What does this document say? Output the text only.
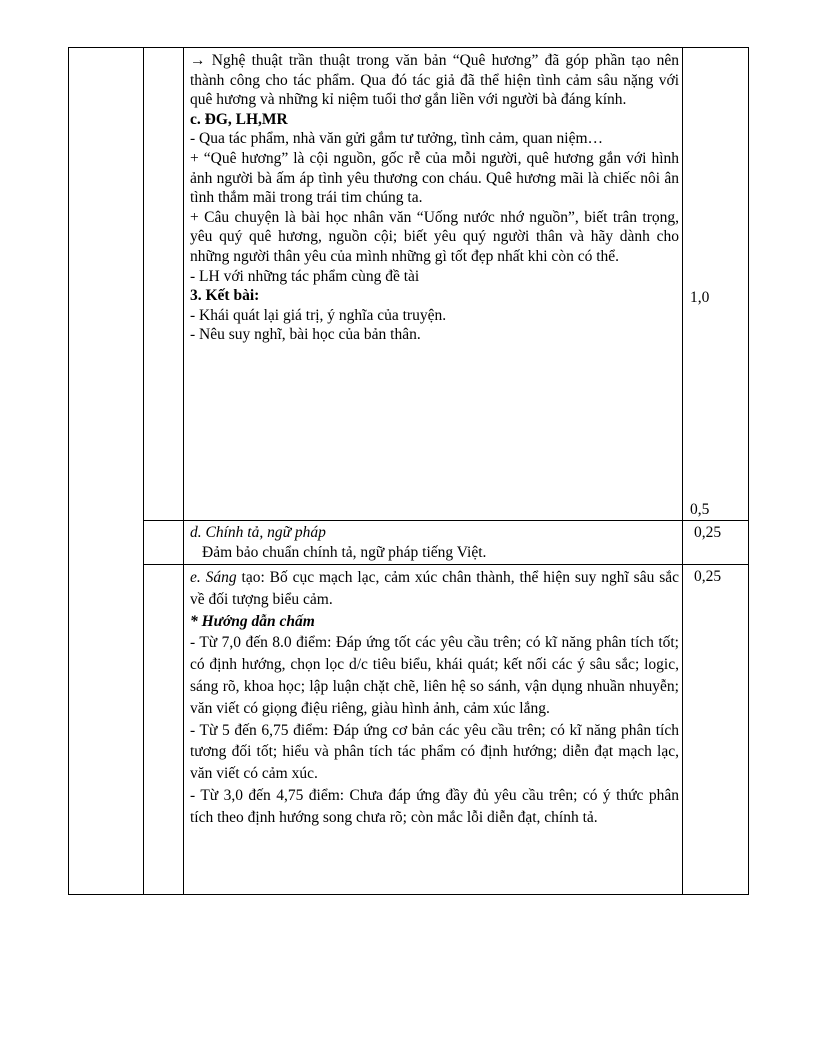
→ Nghệ thuật trần thuật trong văn bản “Quê hương” đã góp phần tạo nên thành công cho tác phẩm. Qua đó tác giả đã thể hiện tình cảm sâu nặng với quê hương và những kỉ niệm tuổi thơ gắn liền với người bà đáng kính.

c. ĐG, LH,MR

- Qua tác phẩm, nhà văn gửi gắm tư tưởng, tình cảm, quan niệm…

+ “Quê hương” là cội nguồn, gốc rễ của mỗi người, quê hương gắn với hình ảnh người bà ấm áp tình yêu thương con cháu. Quê hương mãi là chiếc nôi ân tình thắm mãi trong trái tim chúng ta.

+ Câu chuyện là bài học nhân văn “Uống nước nhớ nguồn”, biết trân trọng, yêu quý quê hương, nguồn cội; biết yêu quý người thân và hãy dành cho những người thân yêu của mình những gì tốt đẹp nhất khi còn có thể.

- LH với những tác phẩm cùng đề tài

3. Kết bài:

- Khái quát lại giá trị, ý nghĩa của truyện.

- Nêu suy nghĩ, bài học của bản thân.

1,0
0,5

d. Chính tả, ngữ pháp

Đảm bảo chuẩn chính tả, ngữ pháp tiếng Việt.

0,25

e. Sáng tạo: Bố cục mạch lạc, cảm xúc chân thành, thể hiện suy nghĩ sâu sắc về đối tượng biểu cảm.

* Hướng dẫn chấm

- Từ 7,0 đến 8.0 điểm: Đáp ứng tốt các yêu cầu trên; có kĩ năng phân tích tốt; có định hướng, chọn lọc d/c tiêu biểu, khái quát; kết nối các ý sâu sắc; logic, sáng rõ, khoa học; lập luận chặt chẽ, liên hệ so sánh, vận dụng nhuần nhuyễn; văn viết có giọng điệu riêng, giàu hình ảnh, cảm xúc lắng.

- Từ 5 đến 6,75 điểm: Đáp ứng cơ bản các yêu cầu trên; có kĩ năng phân tích tương đối tốt; hiểu và phân tích tác phẩm có định hướng; diễn đạt mạch lạc, văn viết có cảm xúc.

- Từ 3,0 đến 4,75 điểm: Chưa đáp ứng đầy đủ yêu cầu trên; có ý thức phân tích theo định hướng song chưa rõ; còn mắc lỗi diễn đạt, chính tả.

0,25
